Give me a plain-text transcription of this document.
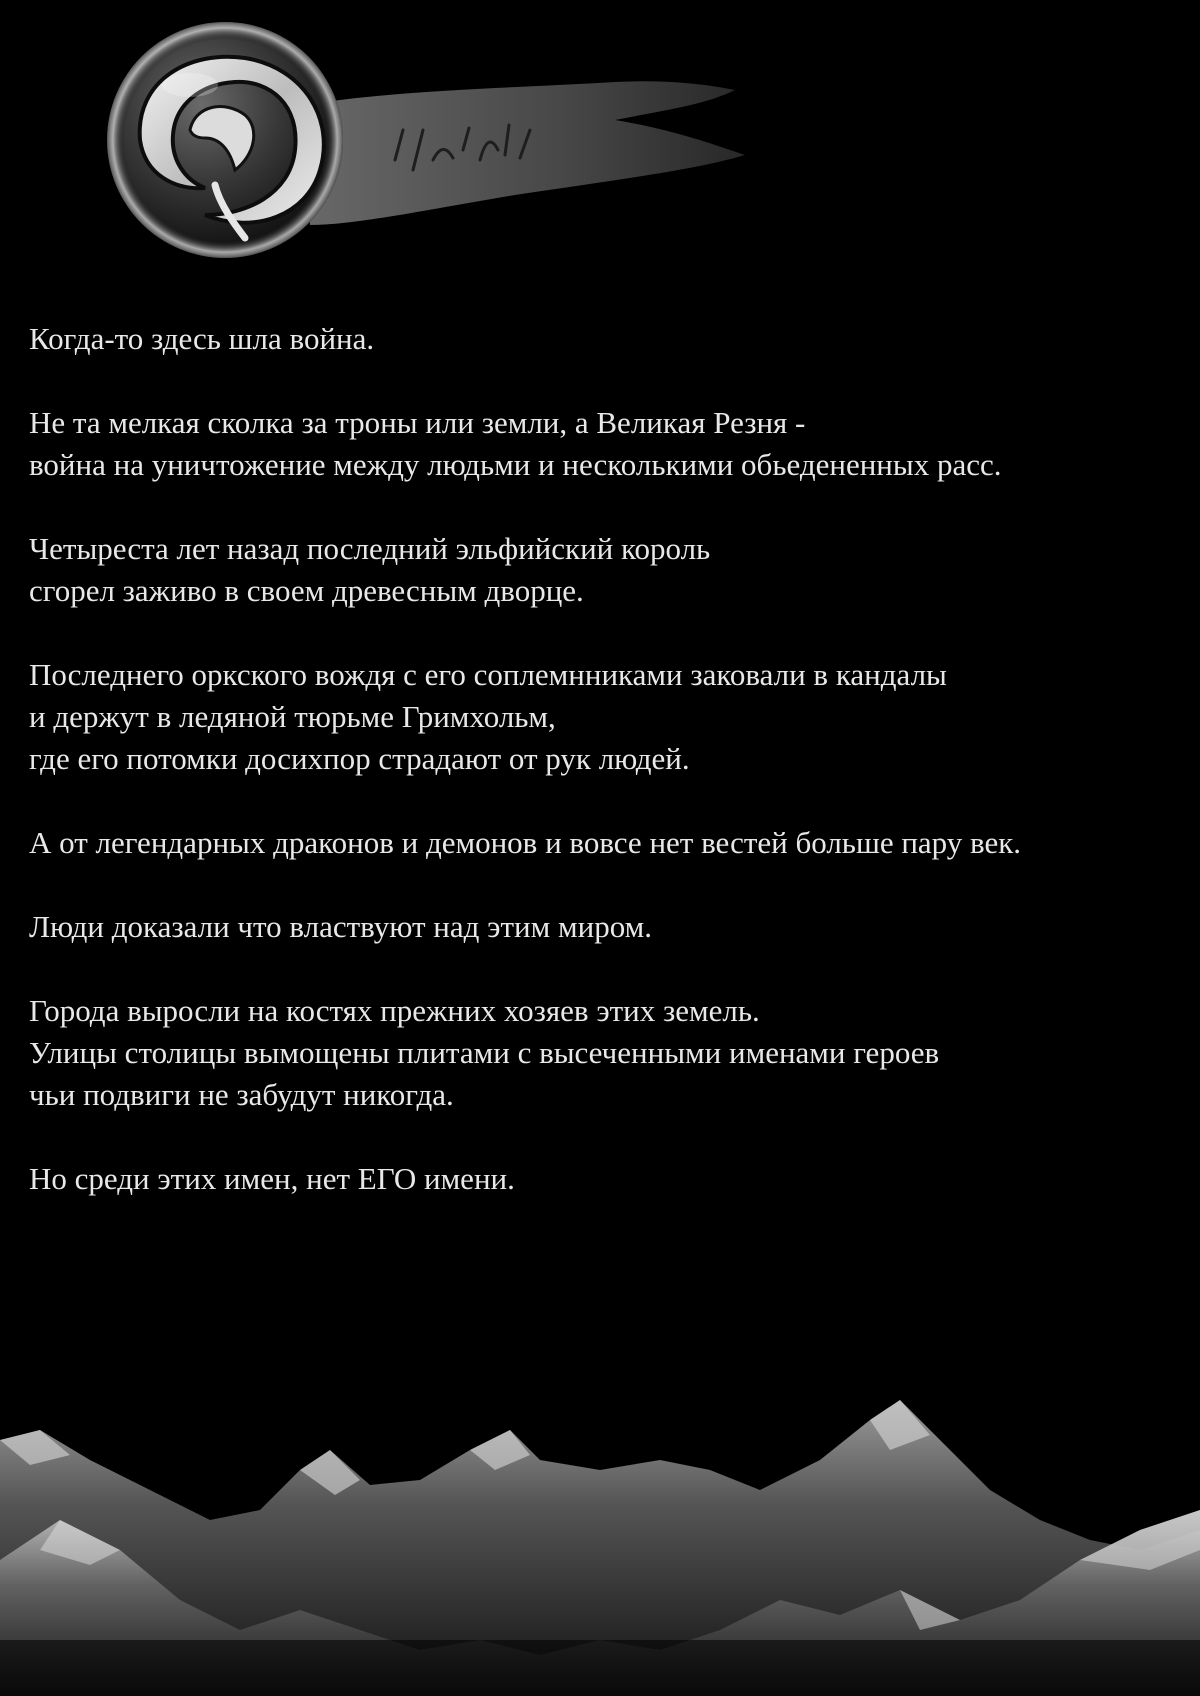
Когда-то здесь шла война.
Не та мелкая сколка за троны или земли, а Великая Резня -
война на уничтожение между людьми и несколькими обьедененных расс.
Четыреста лет назад последний эльфийский король
сгорел заживо в своем древесным дворце.
Последнего оркского вождя с его соплемнниками заковали в кандалы
и держут в ледяной тюрьме Гримхольм,
где его потомки досихпор страдают от рук людей.
А от легендарных драконов и демонов и вовсе нет вестей больше пару век.
Люди доказали что властвуют над этим миром.
Города выросли на костях прежних хозяев этих земель.
Улицы столицы вымощены плитами с высеченными именами героев
чьи подвиги не забудут никогда.
Но среди этих имен, нет ЕГО имени.
